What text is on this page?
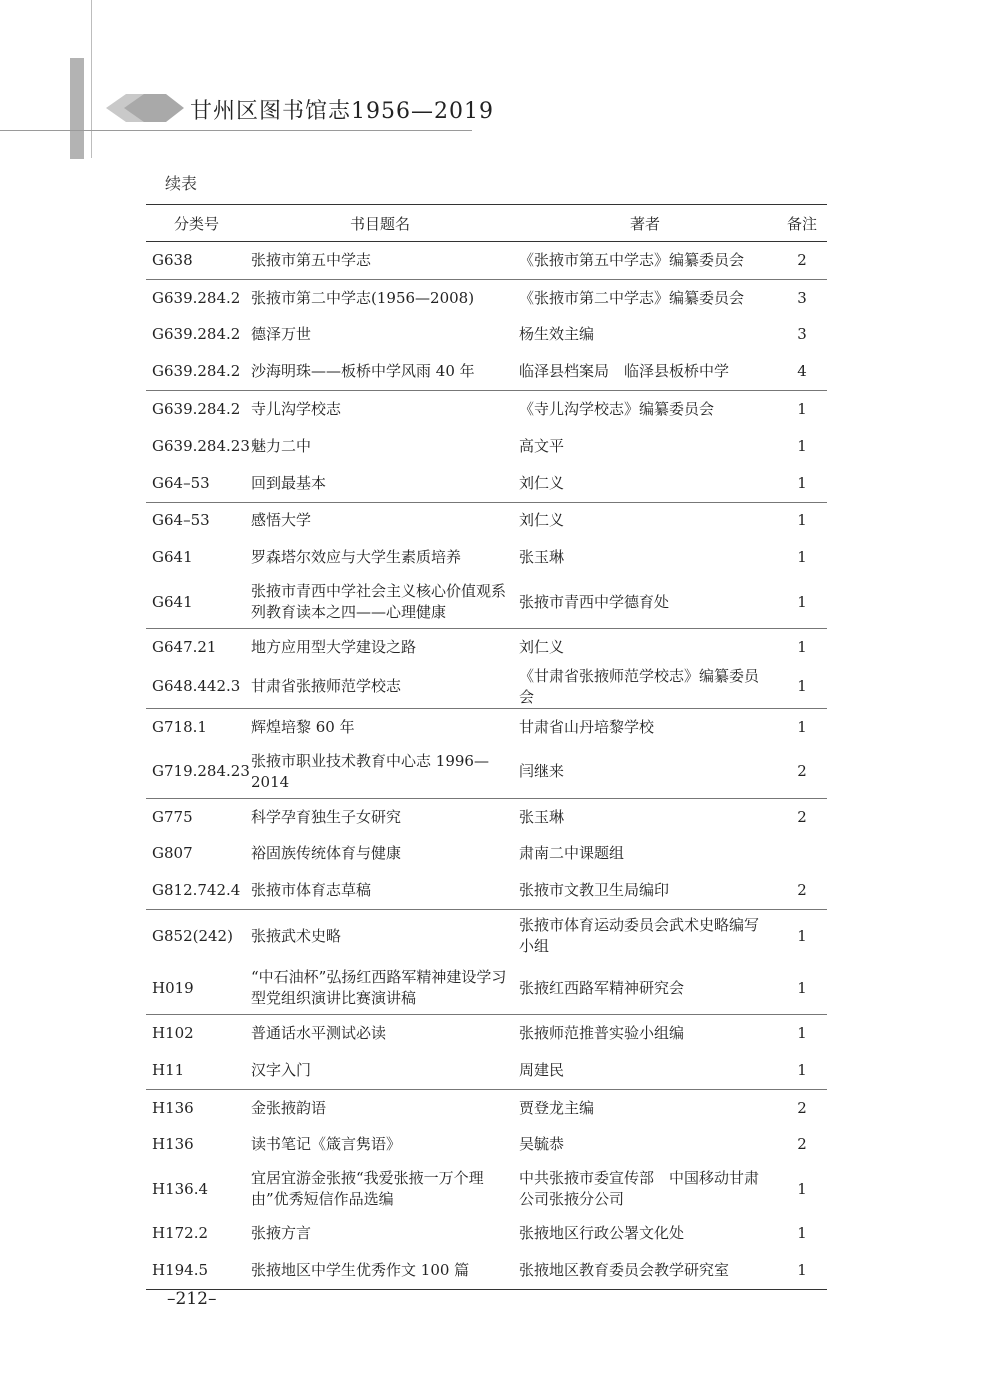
甘州区图书馆志1956—2019
续表
分类号	书目题名	著者	备注
G638	张掖市第五中学志	《张掖市第五中学志》编纂委员会	2
G639.284.2	张掖市第二中学志(1956—2008)	《张掖市第二中学志》编纂委员会	3
G639.284.2	德泽万世	杨生效主编	3
G639.284.2	沙海明珠——板桥中学风雨 40 年	临泽县档案局　临泽县板桥中学	4
G639.284.2	寺儿沟学校志	《寺儿沟学校志》编纂委员会	1
G639.284.23	魅力二中	高文平	1
G64–53	回到最基本	刘仁义	1
G64–53	感悟大学	刘仁义	1
G641	罗森塔尔效应与大学生素质培养	张玉琳	1
G641	张掖市青西中学社会主义核心价值观系列教育读本之四——心理健康	张掖市青西中学德育处	1
G647.21	地方应用型大学建设之路	刘仁义	1
G648.442.3	甘肃省张掖师范学校志	《甘肃省张掖师范学校志》编纂委员会	1
G718.1	辉煌培黎 60 年	甘肃省山丹培黎学校	1
G719.284.23	张掖市职业技术教育中心志 1996—2014	闫继来	2
G775	科学孕育独生子女研究	张玉琳	2
G807	裕固族传统体育与健康	肃南二中课题组	
G812.742.4	张掖市体育志草稿	张掖市文教卫生局编印	2
G852(242)	张掖武术史略	张掖市体育运动委员会武术史略编写小组	1
H019	“中石油杯”弘扬红西路军精神建设学习型党组织演讲比赛演讲稿	张掖红西路军精神研究会	1
H102	普通话水平测试必读	张掖师范推普实验小组编	1
H11	汉字入门	周建民	1
H136	金张掖韵语	贾登龙主编	2
H136	读书笔记《箴言隽语》	吴毓恭	2
H136.4	宜居宜游金张掖“我爱张掖一万个理由”优秀短信作品选编	中共张掖市委宣传部　中国移动甘肃公司张掖分公司	1
H172.2	张掖方言	张掖地区行政公署文化处	1
H194.5	张掖地区中学生优秀作文 100 篇	张掖地区教育委员会教学研究室	1
–212–
